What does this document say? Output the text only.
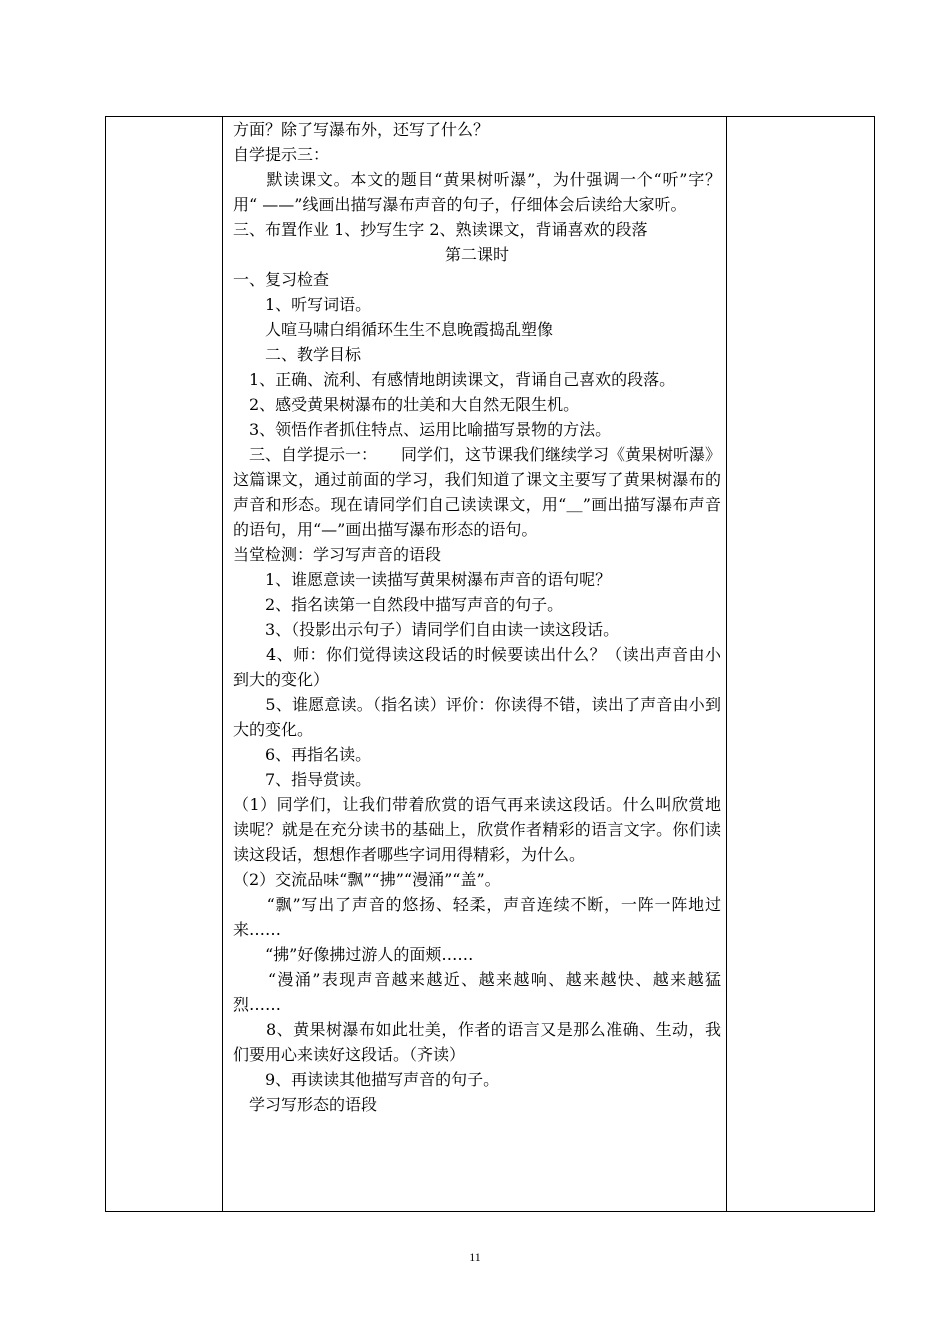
方面？除了写瀑布外，还写了什么？
自学提示三：
　　默读课文。本文的题目“黄果树听瀑”，为什强调一个“听”字？用“ ——”线画出描写瀑布声音的句子，仔细体会后读给大家听。
三、布置作业 1、抄写生字 2、熟读课文，背诵喜欢的段落
第二课时
一、复习检查
　　1、听写词语。
　　人喧马啸白绢循环生生不息晚霞捣乱塑像
　　二、教学目标
　1、正确、流利、有感情地朗读课文，背诵自己喜欢的段落。
　2、感受黄果树瀑布的壮美和大自然无限生机。
　3、领悟作者抓住特点、运用比喻描写景物的方法。
　三、自学提示一：　　同学们，这节课我们继续学习《黄果树听瀑》这篇课文，通过前面的学习，我们知道了课文主要写了黄果树瀑布的声音和形态。现在请同学们自己读读课文，用“＿”画出描写瀑布声音的语句，用“—”画出描写瀑布形态的语句。
当堂检测：学习写声音的语段
　　1、谁愿意读一读描写黄果树瀑布声音的语句呢？
　　2、指名读第一自然段中描写声音的句子。
　　3、（投影出示句子）请同学们自由读一读这段话。
　　4、师：你们觉得读这段话的时候要读出什么？（读出声音由小到大的变化）
　　5、谁愿意读。（指名读）评价：你读得不错，读出了声音由小到大的变化。
　　6、再指名读。
　　7、指导赏读。
（1）同学们，让我们带着欣赏的语气再来读这段话。什么叫欣赏地读呢？就是在充分读书的基础上，欣赏作者精彩的语言文字。你们读读这段话，想想作者哪些字词用得精彩，为什么。
（2）交流品味“飘”“拂”“漫涌”“盖”。
　　“飘”写出了声音的悠扬、轻柔，声音连续不断，一阵一阵地过来……
　　“拂”好像拂过游人的面颊……
　　“漫涌”表现声音越来越近、越来越响、越来越快、越来越猛烈……
　　8、黄果树瀑布如此壮美，作者的语言又是那么准确、生动，我们要用心来读好这段话。（齐读）
　　9、再读读其他描写声音的句子。
　学习写形态的语段
11
